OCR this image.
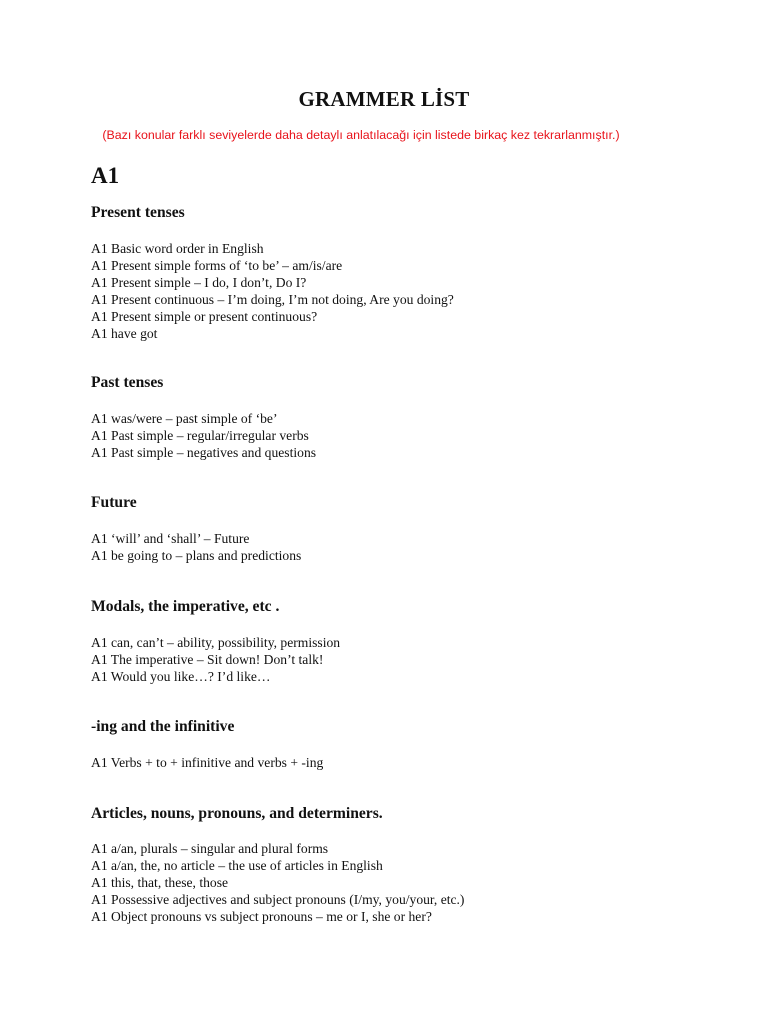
GRAMMER LİST
(Bazı konular farklı seviyelerde daha detaylı anlatılacağı için listede birkaç kez tekrarlanmıştır.)
A1
Present tenses
A1 Basic word order in English
A1 Present simple forms of ‘to be’ – am/is/are
A1 Present simple – I do, I don’t, Do I?
A1 Present continuous – I’m doing, I’m not doing, Are you doing?
A1 Present simple or present continuous?
A1 have got
Past tenses
A1 was/were – past simple of ‘be’
A1 Past simple – regular/irregular verbs
A1 Past simple – negatives and questions
Future
A1 ‘will’ and ‘shall’ – Future
A1 be going to – plans and predictions
Modals, the imperative, etc .
A1 can, can’t – ability, possibility, permission
A1 The imperative – Sit down! Don’t talk!
A1 Would you like…? I’d like…
-ing and the infinitive
A1 Verbs + to + infinitive and verbs + -ing
Articles, nouns, pronouns, and determiners.
A1 a/an, plurals – singular and plural forms
A1 a/an, the, no article – the use of articles in English
A1 this, that, these, those
A1 Possessive adjectives and subject pronouns (I/my, you/your, etc.)
A1 Object pronouns vs subject pronouns – me or I, she or her?
